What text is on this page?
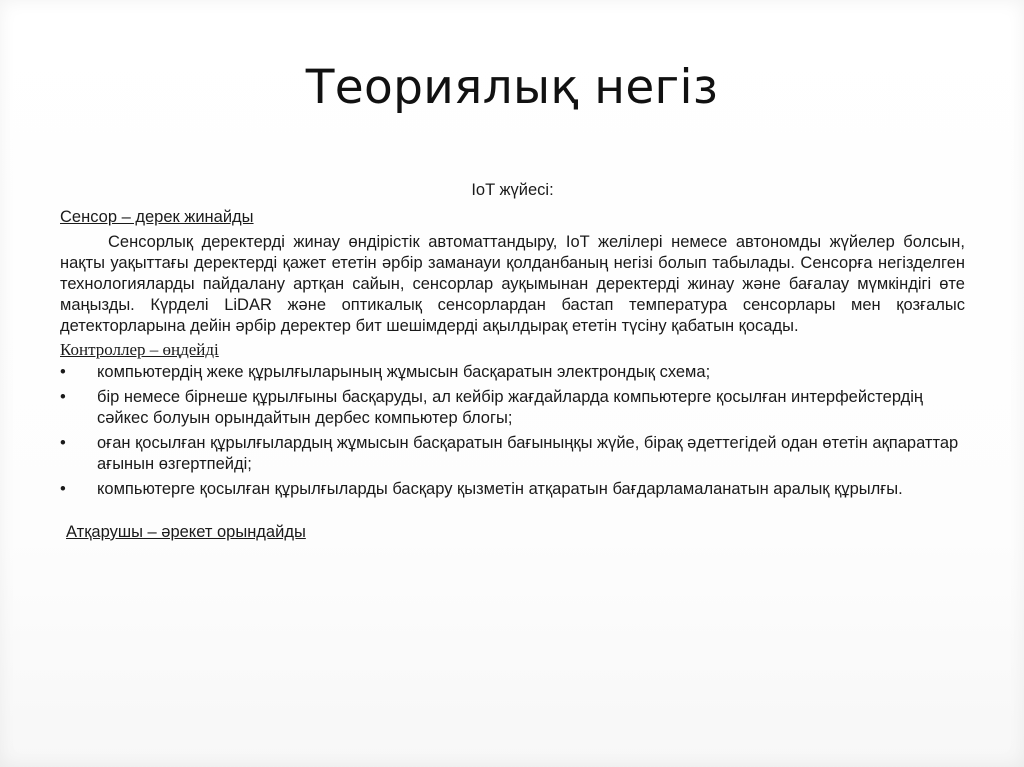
Теориялық негіз

IoT жүйесі:

Сенсор – дерек жинайды

Сенсорлық деректерді жинау өндірістік автоматтандыру, IoT желілері немесе автономды жүйелер болсын, нақты уақыттағы деректерді қажет ететін әрбір заманауи қолданбаның негізі болып табылады. Сенсорға негізделген технологияларды пайдалану артқан сайын, сенсорлар ауқымынан деректерді жинау және бағалау мүмкіндігі өте маңызды. Күрделі LiDAR және оптикалық сенсорлардан бастап температура сенсорлары мен қозғалыс детекторларына дейін әрбір деректер бит шешімдерді ақылдырақ ететін түсіну қабатын қосады.

Контроллер – өңдейді

• компьютердің жеке құрылғыларының жұмысын басқаратын электрондық схема;
• бір немесе бірнеше құрылғыны басқаруды, ал кейбір жағдайларда компьютерге қосылған интерфейстердің сәйкес болуын орындайтын дербес компьютер блогы;
• оған қосылған құрылғылардың жұмысын басқаратын бағыныңқы жүйе, бірақ әдеттегідей одан өтетін ақпараттар ағынын өзгертпейді;
• компьютерге қосылған құрылғыларды басқару қызметін атқаратын бағдарламаланатын аралық құрылғы.

Атқарушы – әрекет орындайды
